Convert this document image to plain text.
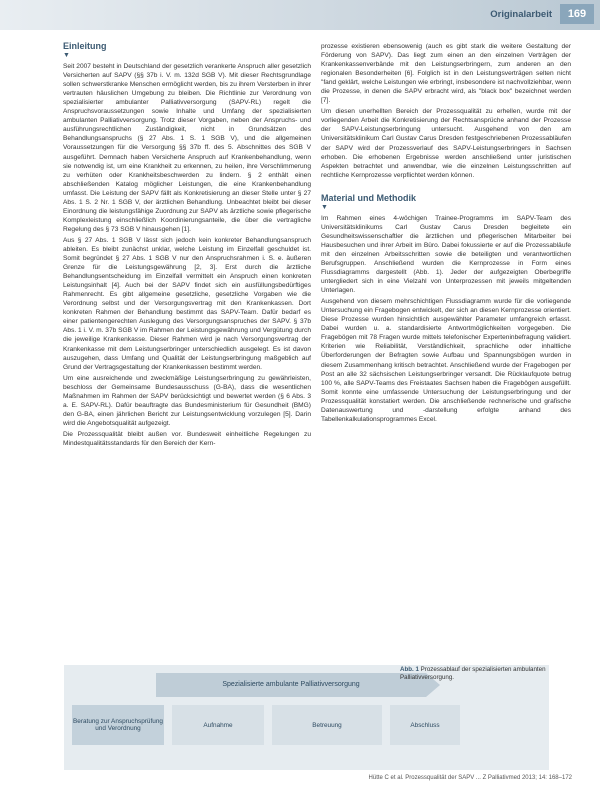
Originalarbeit	169
Einleitung
▼

Seit 2007 besteht in Deutschland der gesetzlich verankerte Anspruch aller gesetzlich Versicherten auf SAPV (§§ 37b i. V. m. 132d SGB V). Mit dieser Rechtsgrundlage sollen schwerstkranke Menschen ermöglicht werden, bis zu ihrem Versterben in ihrer vertrauten häuslichen Umgebung zu bleiben. Die Richtlinie zur Verordnung von spezialisierter ambulanter Palliativversorgung (SAPV-RL) regelt die Anspruchsvoraussetzungen sowie Inhalte und Umfang der spezialisierten ambulanten Palliativversorgung. Trotz dieser Vorgaben, neben der Anspruchs- und ausführungsrechtlichen Zuständigkeit, nicht in Grundsätzen des Behandlungsanspruchs (§ 27 Abs. 1 S. 1 SGB V), und die allgemeinen Voraussetzungen für die Versorgung §§ 37b ff. des 5. Abschnittes des SGB V ausgeführt. Demnach haben Versicherte Anspruch auf Krankenbehandlung, wenn sie notwendig ist, um eine Krankheit zu erkennen, zu heilen, ihre Verschlimmerung zu verhüten oder Krankheitsbeschwerden zu lindern. § 2 enthält einen abschließenden Katalog möglicher Leistungen, die eine Krankenbehandlung umfasst. Die Leistung der SAPV fällt als Konkretisierung an dieser Stelle unter § 27 Abs. 1 S. 2 Nr. 1 SGB V, der ärztlichen Behandlung. Unbeachtet bleibt bei dieser Einordnung die leistungsfähige Zuordnung zur SAPV als ärztliche sowie pflegerische Komplexleistung einschließlich Koordinierungsanteile, die über die vertragliche Regelung des § 73 SGB V hinausgehen [1].

Aus § 27 Abs. 1 SGB V lässt sich jedoch kein konkreter Behandlungsanspruch ableiten. Es bleibt zunächst unklar, welche Leistung im Einzelfall geschuldet ist. Somit begründet § 27 Abs. 1 SGB V nur den Anspruchsrahmen i. S. e. äußeren Grenze für die Leistungsgewährung [2, 3]. Erst durch die ärztliche Behandlungsentscheidung im Einzelfall vermittelt ein Anspruch einen konkreten Leistungsinhalt [4]. Auch bei der SAPV findet sich ein ausfüllungsbedürftiges Rahmenrecht. Es gibt allgemeine gesetzliche, gesetzliche Vorgaben wie die Verordnung selbst und der Versorgungsvertrag mit den Krankenkassen. Dort konkreten Rahmen der Behandlung bestimmt das SAPV-Team. Dafür bedarf es einer patientengerechten Auslegung des Versorgungsanspruches der SAPV. § 37b Abs. 1 i. V. m. 37b SGB V im Rahmen der Leistungsgewährung und Vergütung durch die jeweilige Krankenkasse. Dieser Rahmen wird je nach Versorgungsvertrag der Krankenkasse mit dem Leistungserbringer unterschiedlich ausgelegt. Es ist davon auszugehen, dass Umfang und Qualität der Leistungserbringung maßgeblich auf Grund der Vertragsgestaltung der Krankenkassen bestimmt werden.

Um eine ausreichende und zweckmäßige Leistungserbringung zu gewährleisten, beschloss der Gemeinsame Bundesausschuss (G-BA), dass die wesentlichen Maßnahmen im Rahmen der SAPV berücksichtigt und bewertet werden (§ 6 Abs. 3 a. E. SAPV-RL). Dafür beauftragte das Bundesministerium für Gesundheit (BMG) den G-BA, einen jährlichen Bericht zur Leistungsentwicklung vorzulegen [5]. Darin wird die Angebotsqualität aufgezeigt.

Die Prozessqualität bleibt außen vor. Bundesweit einheitliche Regelungen zu Mindestqualitätsstandards für den Bereich der Kern-

prozesse existieren ebensowenig (auch es gibt stark die weitere Gestaltung der Förderung von SAPV). Das liegt zum einen an den einzelnen Verträgen der Krankenkassenverbände mit den Leistungserbringern, zum anderen an den regionalen Besonderheiten [6]. Folglich ist in den Leistungsverträgen selten nicht "fand geklärt, welche Leistungen wie erbringt, insbesondere ist nachvollziehbar, wenn die Prozesse, in denen die SAPV erbracht wird, als "black box" bezeichnet werden [7].

Um diesen unerhellten Bereich der Prozessqualität zu erhellen, wurde mit der vorliegenden Arbeit die Konkretisierung der Rechtsansprüche anhand der Prozesse der SAPV-Leistungserbringung untersucht. Ausgehend von den am Universitätsklinikum Carl Gustav Carus Dresden festgeschriebenen Prozessabläufen der SAPV wird der Prozessverlauf des SAPV-Leistungserbringers in Sachsen erhoben. Die erhobenen Ergebnisse werden anschließend unter juristischen Aspekten betrachtet und anwendbar, wie die einzelnen Leistungsschritten auf rechtliche Kernprozesse verpflichtet werden können.

Material und Methodik
▼

Im Rahmen eines 4-wöchigen Trainee-Programms im SAPV-Team des Universitätsklinikums Carl Gustav Carus Dresden begleitete ein Gesundheitswissenschaftler die ärztlichen und pflegerischen Mitarbeiter bei Hausbesuchen und ihrer Arbeit im Büro. Dabei fokussierte er auf die Prozessabläufe mit den einzelnen Arbeitsschritten sowie die beteiligten und verantwortlichen Berufsgruppen. Anschließend wurden die Kernprozesse in Form eines Flussdiagramms dargestellt (Abb. 1). Jeder der aufgezeigten Oberbegriffe untergliedert sich in eine Vielzahl von Unterprozessen mit jeweils mitgeltenden Unterlagen.

Ausgehend von diesem mehrschichtigen Flussdiagramm wurde für die vorliegende Untersuchung ein Fragebogen entwickelt, der sich an diesen Kernprozesse orientiert. Diese Prozesse wurden hinsichtlich ausgewählter Parameter umfangreich erfasst. Dabei wurden u. a. standardisierte Antwortmöglichkeiten vorgegeben. Die Fragebögen mit 78 Fragen wurde mittels telefonischer Experteninbefragung validiert. Kriterien wie Reliabilität, Verständlichkeit, sprachliche oder inhaltliche Überforderungen der Befragten sowie Aufbau und Spannungsbögen wurden in diesem Zusammenhang kritisch betrachtet. Anschließend wurde der Fragebogen per Post an alle 32 sächsischen Leistungserbringer versandt. Die Rücklaufquote betrug 100 %, alle SAPV-Teams des Freistaates Sachsen haben die Fragebögen ausgefüllt. Somit konnte eine umfassende Untersuchung der Leistungserbringung und der Prozessqualität konstatiert werden. Die anschließende rechnerische und grafische Datenauswertung und -darstellung erfolgte anhand des Tabellenkalkulationsprogrammes Excel.

Spezialisierte ambulante Palliativversorgung
Beratung zur Anspruchsprüfung und Verordnung	Aufnahme	Betreuung	Abschluss
Abb. 1 Prozessablauf der spezialisierten ambulanten Palliativversorgung.
Hütte C et al. Prozessqualität der SAPV ... Z Palliativmed 2013; 14: 168–172
